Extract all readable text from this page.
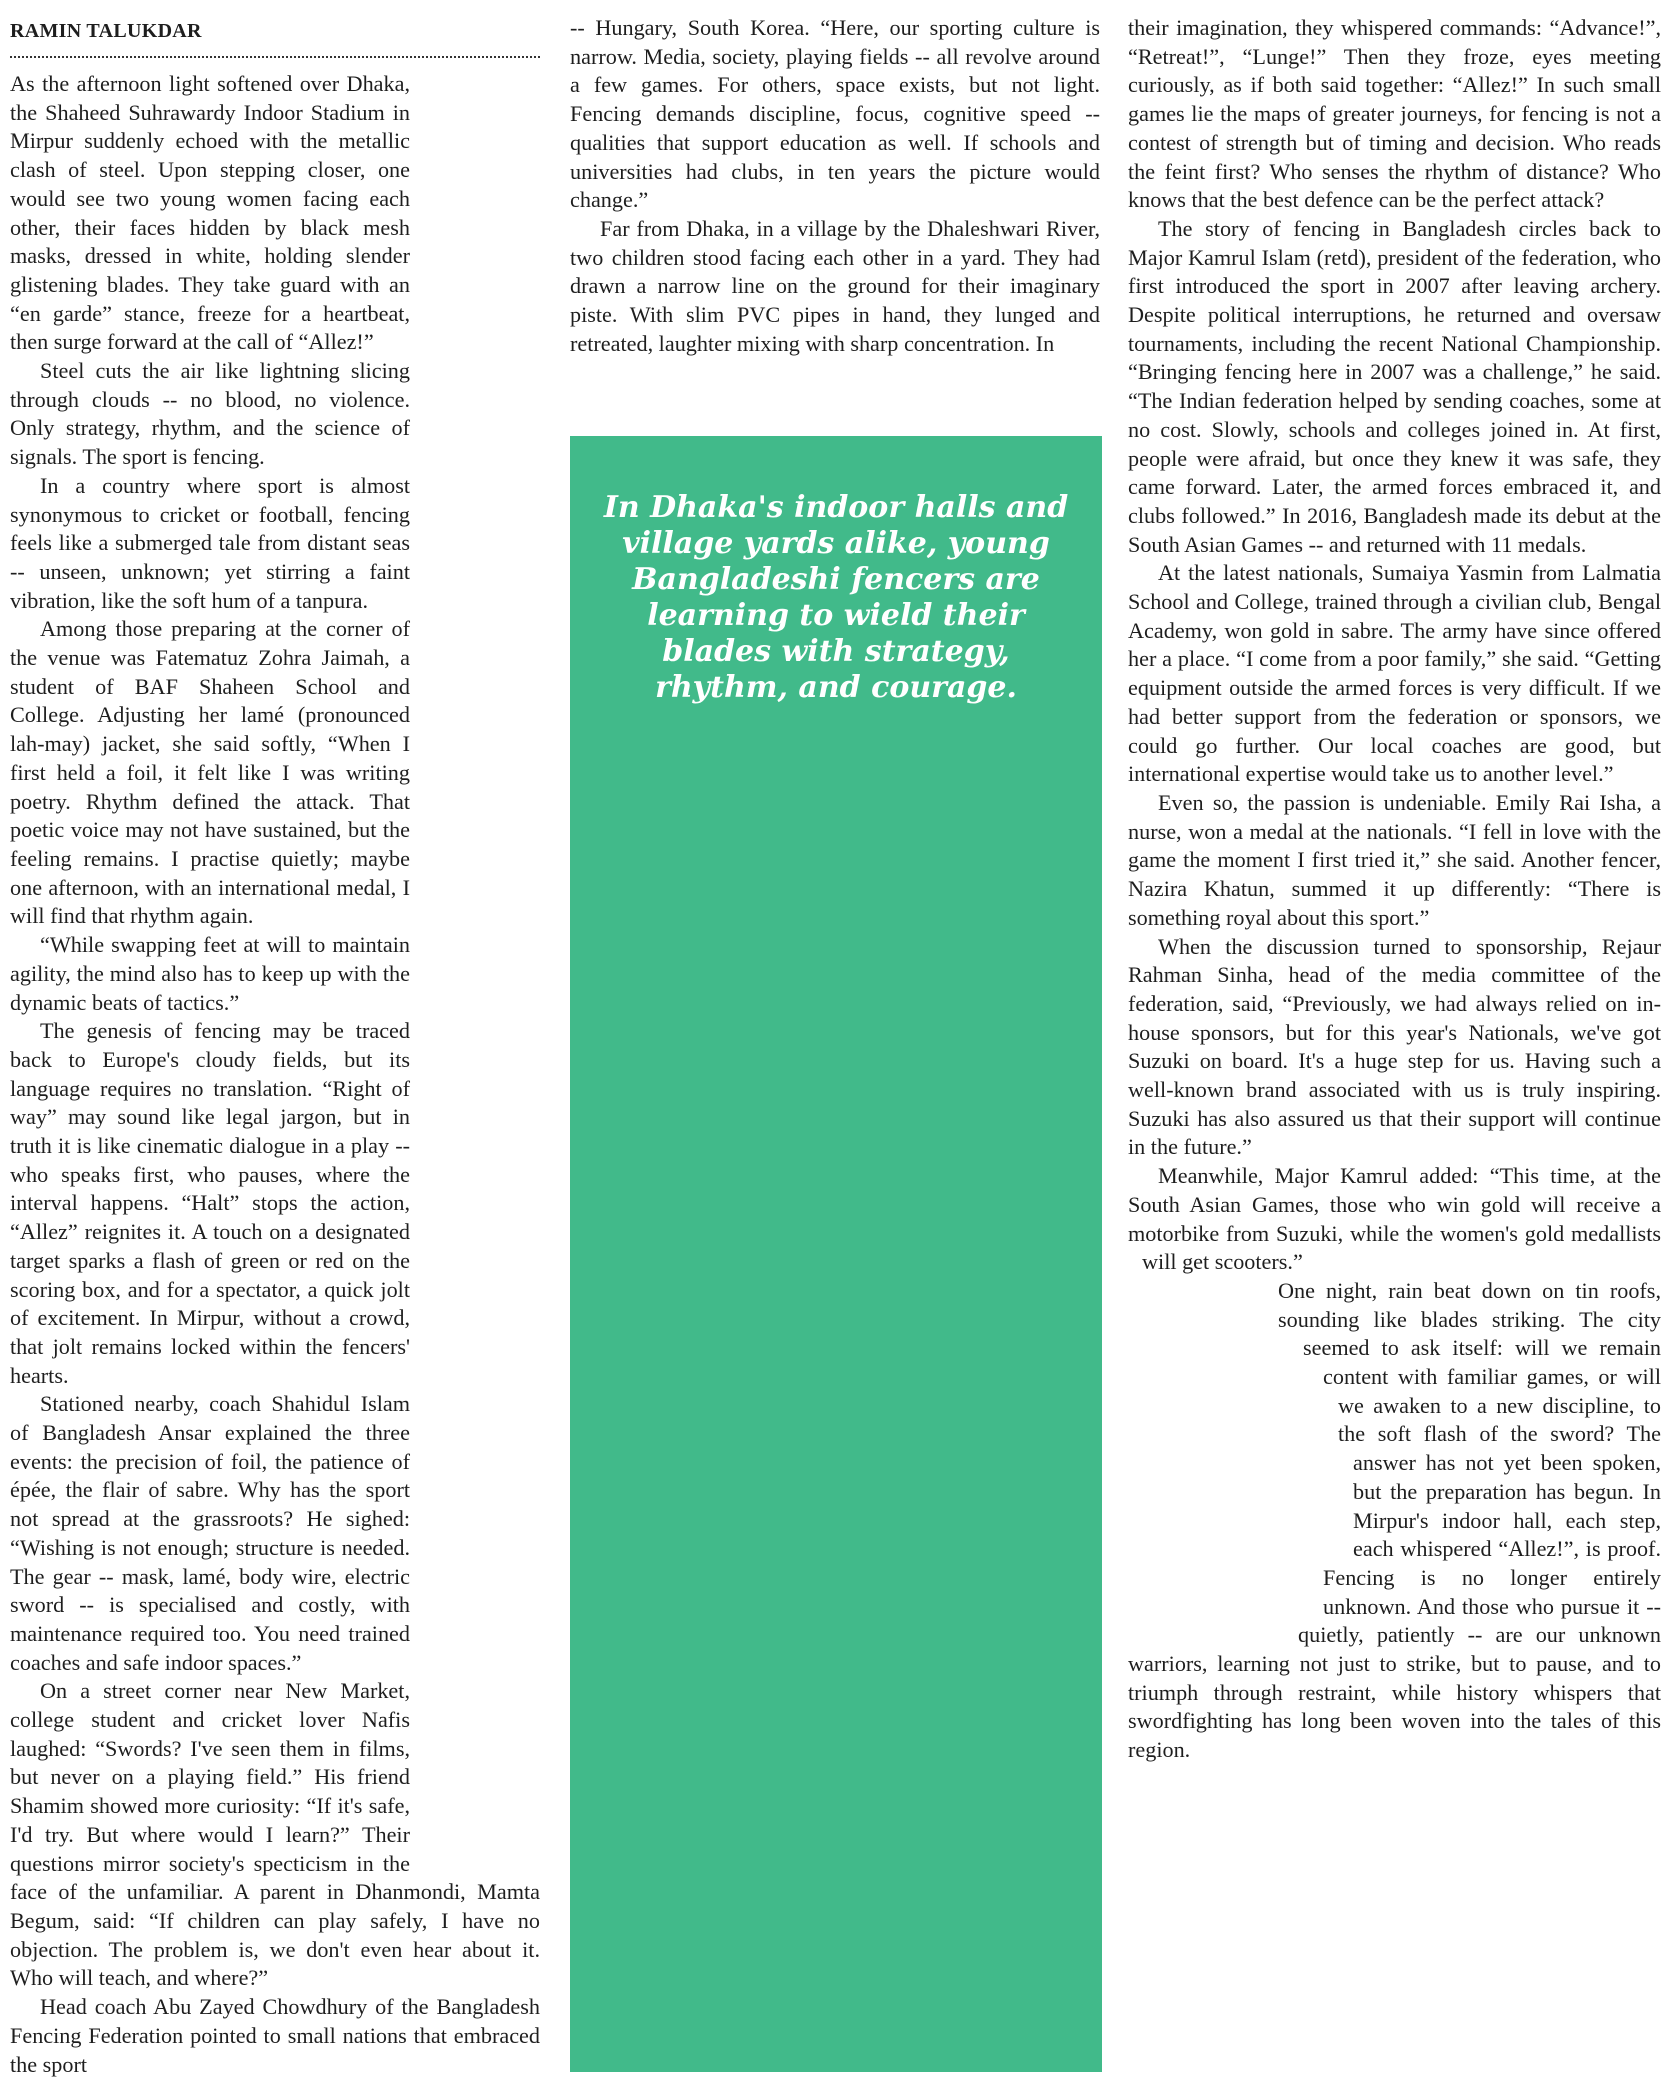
RAMIN TALUKDAR

As the afternoon light softened over Dhaka, the Shaheed Suhrawardy Indoor Stadium in Mirpur suddenly echoed with the metallic clash of steel. Upon stepping closer, one would see two young women facing each other, their faces hidden by black mesh masks, dressed in white, holding slender glistening blades. They take guard with an “en garde” stance, freeze for a heartbeat, then surge forward at the call of “Allez!”

Steel cuts the air like lightning slicing through clouds -- no blood, no violence. Only strategy, rhythm, and the science of signals. The sport is fencing.

In a country where sport is almost synonymous to cricket or football, fencing feels like a submerged tale from distant seas -- unseen, unknown; yet stirring a faint vibration, like the soft hum of a tanpura.

Among those preparing at the corner of the venue was Fatematuz Zohra Jaimah, a student of BAF Shaheen School and College. Adjusting her lamé (pronounced lah-may) jacket, she said softly, “When I first held a foil, it felt like I was writing poetry. Rhythm defined the attack. That poetic voice may not have sustained, but the feeling remains. I practise quietly; maybe one afternoon, with an international medal, I will find that rhythm again.

“While swapping feet at will to maintain agility, the mind also has to keep up with the dynamic beats of tactics.”

The genesis of fencing may be traced back to Europe's cloudy fields, but its language requires no translation. “Right of way” may sound like legal jargon, but in truth it is like cinematic dialogue in a play -- who speaks first, who pauses, where the interval happens. “Halt” stops the action, “Allez” reignites it. A touch on a designated target sparks a flash of green or red on the scoring box, and for a spectator, a quick jolt of excitement. In Mirpur, without a crowd, that jolt remains locked within the fencers' hearts.

Stationed nearby, coach Shahidul Islam of Bangladesh Ansar explained the three events: the precision of foil, the patience of épée, the flair of sabre. Why has the sport not spread at the grassroots? He sighed: “Wishing is not enough; structure is needed. The gear -- mask, lamé, body wire, electric sword -- is specialised and costly, with maintenance required too. You need trained coaches and safe indoor spaces.”

On a street corner near New Market, college student and cricket lover Nafis laughed: “Swords? I've seen them in films, but never on a playing field.” His friend Shamim showed more curiosity: “If it's safe, I'd try. But where would I learn?” Their questions mirror society's specticism in the face of the unfamiliar. A parent in Dhanmondi, Mamta Begum, said: “If children can play safely, I have no objection. The problem is, we don't even hear about it. Who will teach, and where?”

Head coach Abu Zayed Chowdhury of the Bangladesh Fencing Federation pointed to small nations that embraced the sport

-- Hungary, South Korea. “Here, our sporting culture is narrow. Media, society, playing fields -- all revolve around a few games. For others, space exists, but not light. Fencing demands discipline, focus, cognitive speed -- qualities that support education as well. If schools and universities had clubs, in ten years the picture would change.”

Far from Dhaka, in a village by the Dhaleshwari River, two children stood facing each other in a yard. They had drawn a narrow line on the ground for their imaginary piste. With slim PVC pipes in hand, they lunged and retreated, laughter mixing with sharp concentration. In

In Dhaka's indoor halls and village yards alike, young Bangladeshi fencers are learning to wield their blades with strategy, rhythm, and courage.

their imagination, they whispered commands: “Advance!”, “Retreat!”, “Lunge!” Then they froze, eyes meeting curiously, as if both said together: “Allez!” In such small games lie the maps of greater journeys, for fencing is not a contest of strength but of timing and decision. Who reads the feint first? Who senses the rhythm of distance? Who knows that the best defence can be the perfect attack?

The story of fencing in Bangladesh circles back to Major Kamrul Islam (retd), president of the federation, who first introduced the sport in 2007 after leaving archery. Despite political interruptions, he returned and oversaw tournaments, including the recent National Championship. “Bringing fencing here in 2007 was a challenge,” he said. “The Indian federation helped by sending coaches, some at no cost. Slowly, schools and colleges joined in. At first, people were afraid, but once they knew it was safe, they came forward. Later, the armed forces embraced it, and clubs followed.” In 2016, Bangladesh made its debut at the South Asian Games -- and returned with 11 medals.

At the latest nationals, Sumaiya Yasmin from Lalmatia School and College, trained through a civilian club, Bengal Academy, won gold in sabre. The army have since offered her a place. “I come from a poor family,” she said. “Getting equipment outside the armed forces is very difficult. If we had better support from the federation or sponsors, we could go further. Our local coaches are good, but international expertise would take us to another level.”

Even so, the passion is undeniable. Emily Rai Isha, a nurse, won a medal at the nationals. “I fell in love with the game the moment I first tried it,” she said. Another fencer, Nazira Khatun, summed it up differently: “There is something royal about this sport.”

When the discussion turned to sponsorship, Rejaur Rahman Sinha, head of the media committee of the federation, said, “Previously, we had always relied on in-house sponsors, but for this year's Nationals, we've got Suzuki on board. It's a huge step for us. Having such a well-known brand associated with us is truly inspiring. Suzuki has also assured us that their support will continue in the future.”

Meanwhile, Major Kamrul added: “This time, at the South Asian Games, those who win gold will receive a motorbike from Suzuki, while the women's gold medallists will get scooters.”

One night, rain beat down on tin roofs, sounding like blades striking. The city seemed to ask itself: will we remain content with familiar games, or will we awaken to a new discipline, to the soft flash of the sword? The answer has not yet been spoken, but the preparation has begun. In Mirpur's indoor hall, each step, each whispered “Allez!”, is proof. Fencing is no longer entirely unknown. And those who pursue it -- quietly, patiently -- are our unknown warriors, learning not just to strike, but to pause, and to triumph through restraint, while history whispers that swordfighting has long been woven into the tales of this region.
